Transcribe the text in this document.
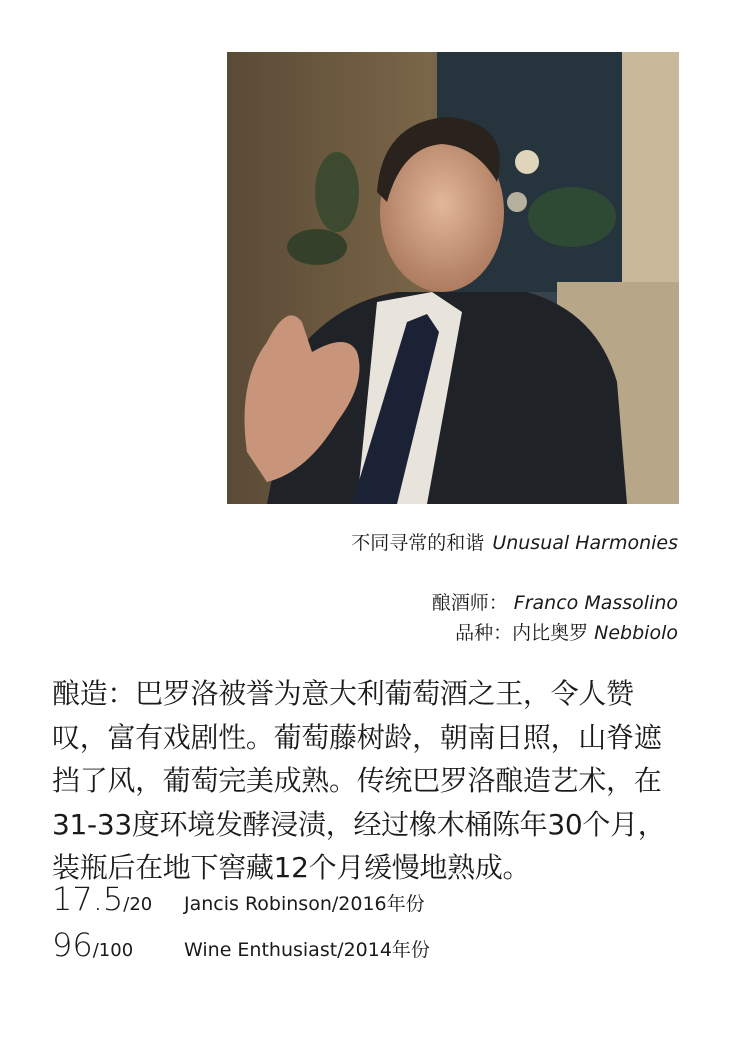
不同寻常的和谐 Unusual Harmonies
酿酒师： Franco Massolino
品种：内比奥罗 Nebbiolo
酿造：巴罗洛被誉为意大利葡萄酒之王，令人赞叹，富有戏剧性。葡萄藤树龄，朝南日照，山脊遮挡了风，葡萄完美成熟。传统巴罗洛酿造艺术，在31-33度环境发酵浸渍，经过橡木桶陈年30个月，装瓶后在地下窖藏12个月缓慢地熟成。
17.5/20	Jancis Robinson/2016年份
96/100	Wine Enthusiast/2014年份
